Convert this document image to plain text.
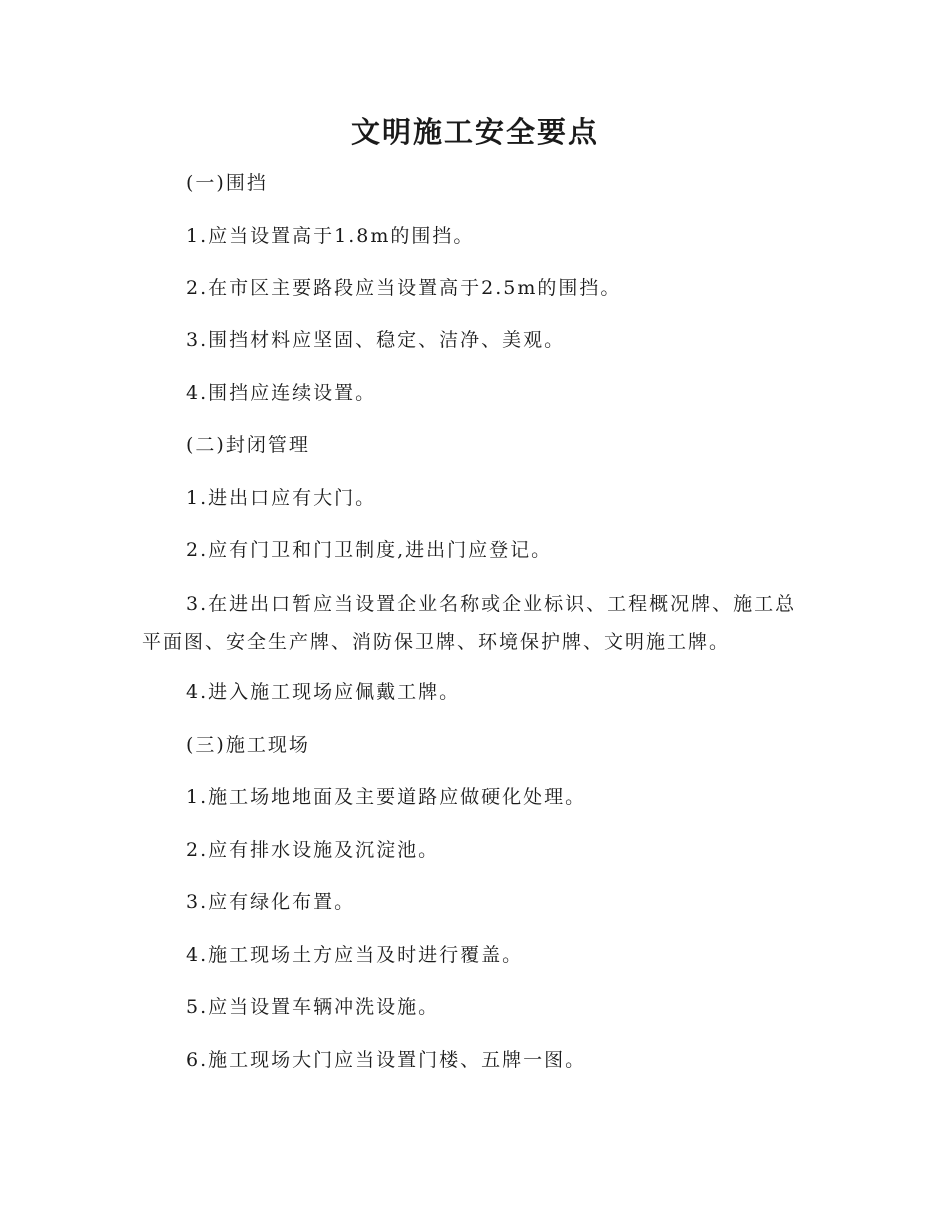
文明施工安全要点

(一)围挡

1.应当设置高于1.8m的围挡。

2.在市区主要路段应当设置高于2.5m的围挡。

3.围挡材料应坚固、稳定、洁净、美观。

4.围挡应连续设置。

(二)封闭管理

1.进出口应有大门。

2.应有门卫和门卫制度,进出门应登记。

3.在进出口暂应当设置企业名称或企业标识、工程概况牌、施工总平面图、安全生产牌、消防保卫牌、环境保护牌、文明施工牌。

4.进入施工现场应佩戴工牌。

(三)施工现场

1.施工场地地面及主要道路应做硬化处理。

2.应有排水设施及沉淀池。

3.应有绿化布置。

4.施工现场土方应当及时进行覆盖。

5.应当设置车辆冲洗设施。

6.施工现场大门应当设置门楼、五牌一图。
